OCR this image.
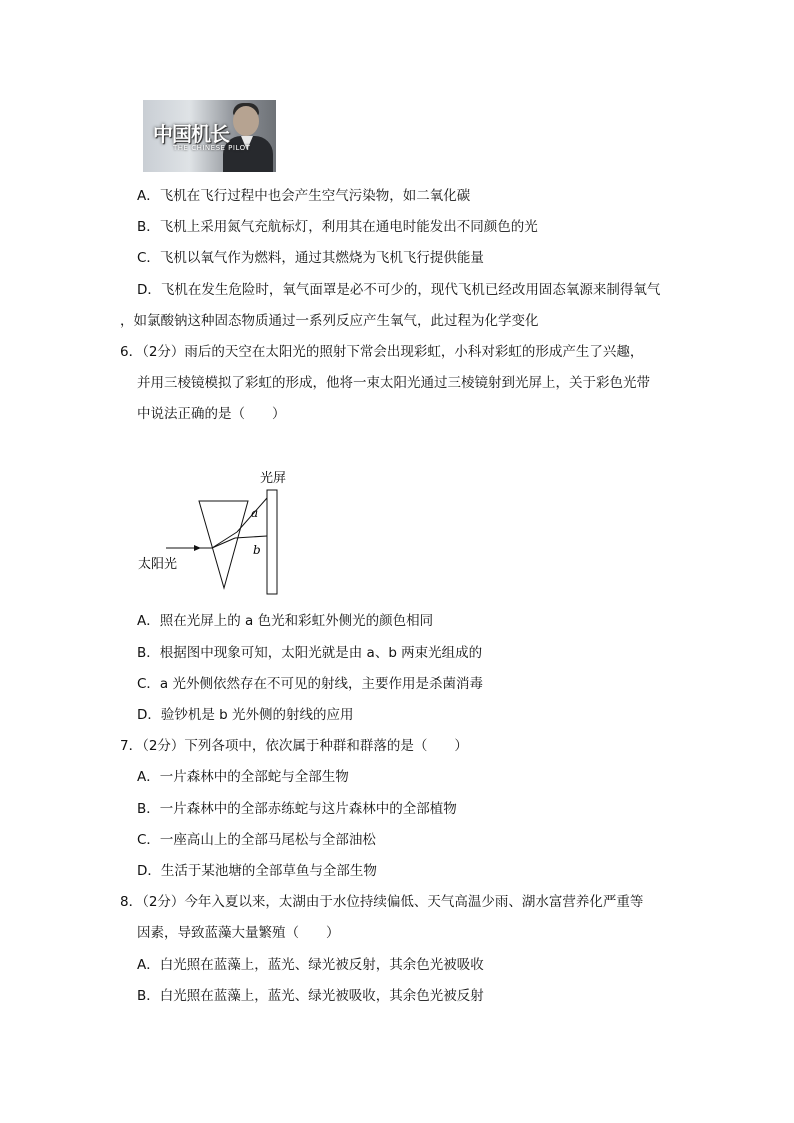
中国机长
THE CHINESE PILOT
A．飞机在飞行过程中也会产生空气污染物，如二氧化碳
B．飞机上采用氮气充航标灯，利用其在通电时能发出不同颜色的光
C．飞机以氧气作为燃料，通过其燃烧为飞机飞行提供能量
D．飞机在发生危险时，氧气面罩是必不可少的，现代飞机已经改用固态氧源来制得氧气
，如氯酸钠这种固态物质通过一系列反应产生氧气，此过程为化学变化
6．（2分）雨后的天空在太阳光的照射下常会出现彩虹，小科对彩虹的形成产生了兴趣，
并用三棱镜模拟了彩虹的形成，他将一束太阳光通过三棱镜射到光屏上，关于彩色光带
中说法正确的是（　　）
a
b
光屏
太阳光
A．照在光屏上的 a 色光和彩虹外侧光的颜色相同
B．根据图中现象可知，太阳光就是由 a、b 两束光组成的
C．a 光外侧依然存在不可见的射线，主要作用是杀菌消毒
D．验钞机是 b 光外侧的射线的应用
7．（2分）下列各项中，依次属于种群和群落的是（　　）
A．一片森林中的全部蛇与全部生物
B．一片森林中的全部赤练蛇与这片森林中的全部植物
C．一座高山上的全部马尾松与全部油松
D．生活于某池塘的全部草鱼与全部生物
8．（2分）今年入夏以来，太湖由于水位持续偏低、天气高温少雨、湖水富营养化严重等
因素，导致蓝藻大量繁殖（　　）
A．白光照在蓝藻上，蓝光、绿光被反射，其余色光被吸收
B．白光照在蓝藻上，蓝光、绿光被吸收，其余色光被反射
